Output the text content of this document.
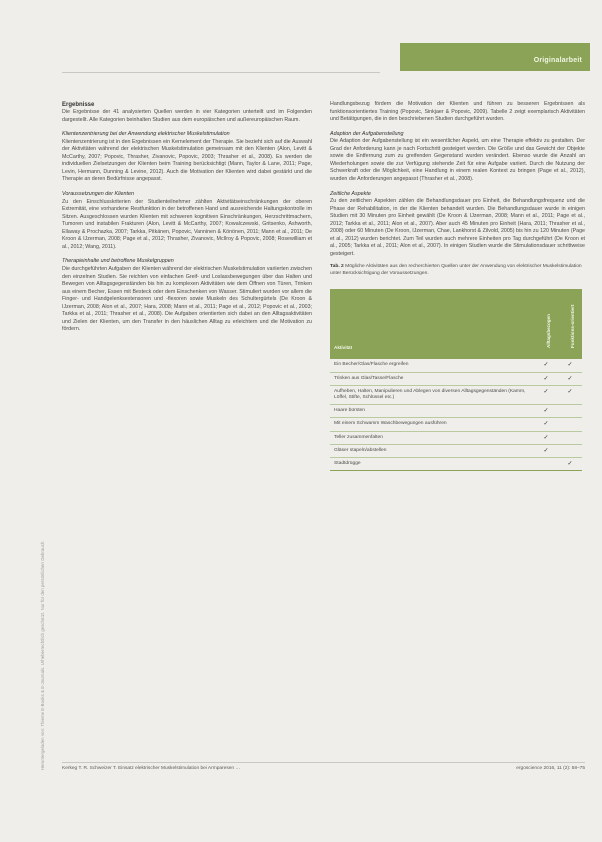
Originalarbeit
Heruntergeladen von: Thieme E-Books & E-Journals. Urheberrechtlich geschützt. Nur für den persönlichen Gebrauch.
Ergebnisse

Die Ergebnisse der 41 analysierten Quellen werden in vier Kategorien unterteilt und im Folgenden dargestellt. Alle Kategorien beinhalten Studien aus dem europäischen und außereuropäischen Raum.

Klientenzentrierung bei der Anwendung elektrischer Muskelstimulation

Klientenzentrierung ist in den Ergebnissen ein Kernelement der Therapie. Sie bezieht sich auf die Auswahl der Aktivitäten während der elektrischen Muskelstimulation gemeinsam mit den Klienten (Alon, Levitt & McCarthy, 2007; Popovic, Thrasher, Zivanovic, Popovic, 2003; Thrasher et al., 2008). Es werden die individuellen Zielsetzungen der Klienten beim Training berücksichtigt (Mann, Taylor & Lane, 2011; Page, Levin, Hermann, Dunning & Levine, 2012). Auch die Motivation der Klienten wird dabei gestärkt und die Therapie an deren Bedürfnisse angepasst.

Voraussetzungen der Klienten

Zu den Einschlusskriterien der Studienteilnehmer zählten Aktivitätseinschränkungen der oberen Extremität, eine vorhandene Restfunktion in der betroffenen Hand und ausreichende Haltungskontrolle im Sitzen. Ausgeschlossen wurden Klienten mit schweren kognitiven Einschränkungen, Herzschrittmachern, Tumoren und instabilen Frakturen (Alon, Levitt & McCarthy, 2007; Kowalczewski, Gritsenko, Ashworth, Ellaway & Prochazka, 2007; Tarkka, Pitkänen, Popovic, Vanninen & Könönen, 2011; Mann et al., 2011; De Kroon & IJzerman, 2008; Page et al., 2012; Thrasher, Zivanovic, McIlroy & Popovic, 2008; Rosewilliam et al., 2012; Wang, 2011).

Therapieinhalte und betroffene Muskelgruppen

Die durchgeführten Aufgaben der Klienten während der elektrischen Muskelstimulation variierten zwischen den einzelnen Studien. Sie reichten von einfachen Greif- und Loslassbewegungen über das Halten und Bewegen von Alltagsgegenständen bis hin zu komplexen Aktivitäten wie dem Öffnen von Türen, Trinken aus einem Becher, Essen mit Besteck oder dem Einschenken von Wasser. Stimuliert wurden vor allem die Finger- und Handgelenksextensoren und -flexoren sowie Muskeln des Schultergürtels (De Kroon & IJzerman, 2008; Alon et al., 2007; Hara, 2008; Mann et al., 2011; Page et al., 2012; Popovic et al., 2003; Tarkka et al., 2011; Thrasher et al., 2008). Die Aufgaben orientierten sich dabei an den Alltagsaktivitäten und Zielen der Klienten, um den Transfer in den häuslichen Alltag zu erleichtern und die Motivation zu fördern.

Handlungsbezug fördern die Motivation der Klienten und führen zu besseren Ergebnissen als funktionsorientiertes Training (Popovic, Sinkjaer & Popovic, 2009). Tabelle 2 zeigt exemplarisch Aktivitäten und Betätigungen, die in den beschriebenen Studien durchgeführt wurden.

Adaption der Aufgabenstellung

Die Adaption der Aufgabenstellung ist ein wesentlicher Aspekt, um eine Therapie effektiv zu gestalten. Der Grad der Anforderung kann je nach Fortschritt gesteigert werden. Die Größe und das Gewicht der Objekte sowie die Entfernung zum zu greifenden Gegenstand wurden verändert. Ebenso wurde die Anzahl an Wiederholungen sowie die zur Verfügung stehende Zeit für eine Aufgabe variiert. Durch die Nutzung der Schwerkraft oder die Möglichkeit, eine Handlung in einem realen Kontext zu bringen (Page et al., 2012), wurden die Anforderungen angepasst (Thrasher et al., 2008).

Zeitliche Aspekte

Zu den zeitlichen Aspekten zählen die Behandlungsdauer pro Einheit, die Behandlungsfrequenz und die Phase der Rehabilitation, in der die Klienten behandelt wurden. Die Behandlungsdauer wurde in einigen Studien mit 30 Minuten pro Einheit gewählt (De Kroon & IJzerman, 2008; Mann et al., 2011; Page et al., 2012; Tarkka et al., 2011; Alon et al., 2007). Aber auch 45 Minuten pro Einheit (Hara, 2011; Thrasher et al., 2008) oder 60 Minuten (De Kroon, IJzerman, Chae, Lankhorst & Zilvold, 2005) bis hin zu 120 Minuten (Page et al., 2012) wurden berichtet. Zum Teil wurden auch mehrere Einheiten pro Tag durchgeführt (De Kroon et al., 2005; Tarkka et al., 2011; Alon et al., 2007). In einigen Studien wurde die Stimulationsdauer schrittweise gesteigert.

Tab. 2 Mögliche Aktivitäten aus den recherchierten Quellen unter der Anwendung von elektrischer Muskelstimulation unter Berücksichtigung der Voraussetzungen.
Aktivität	Alltagsbezogen	Funktions-orientiert

Ein Becher/Glas/Flasche ergreifen	✓	✓
Trinken aus Glas/Tasse/Flasche	✓	✓
Aufheben, Halten, Manipulieren und Ablegen von diversen Alltagsgegenständen (Kamm, Löffel, Stifte, Schlüssel etc.)	✓	✓
Haare bürsten	✓	
Mit einem Schwamm Waschbewegungen ausführen	✓	
Teller zusammenfalten	✓	
Gläser stapeln/abstellen	✓	
Stadtdrügge		✓
Kerkeg T. R. Schweizer T. Einsatz elektrischer Muskelstimulation bei Armparesen …	ergoscience 2016, 11 (2): 58–75
